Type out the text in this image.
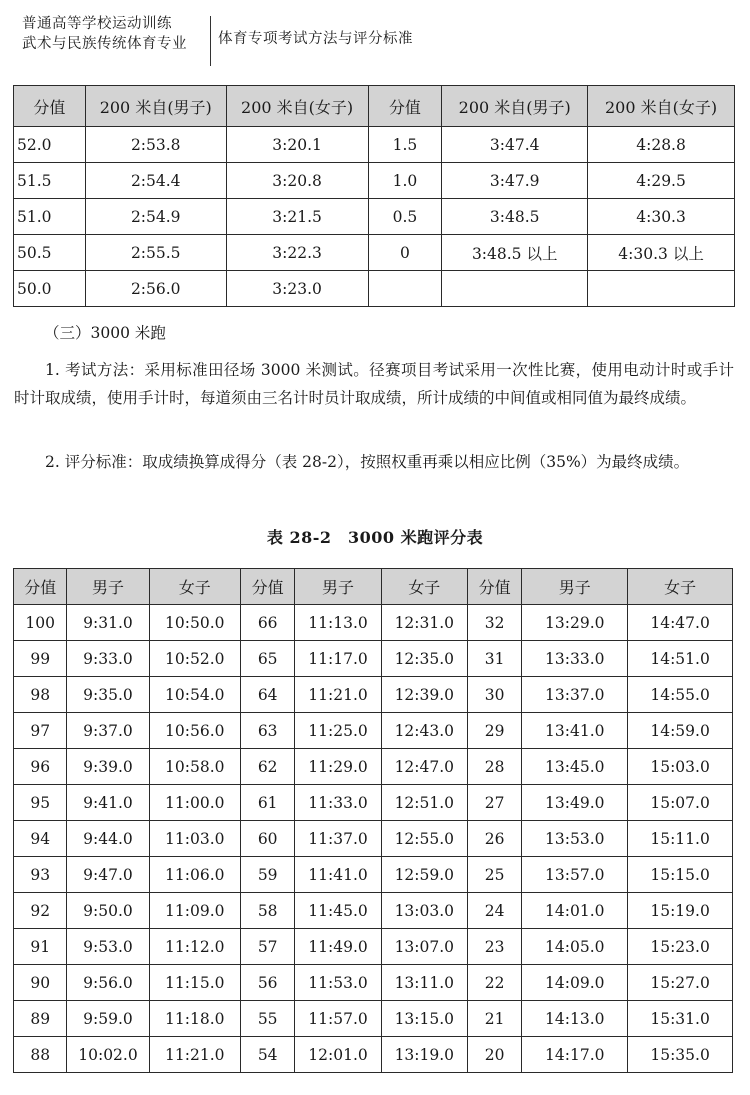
普通高等学校运动训练
武术与民族传统体育专业	体育专项考试方法与评分标准
分值	200 米自(男子)	200 米自(女子)	分值	200 米自(男子)	200 米自(女子)
52.0	2:53.8	3:20.1	1.5	3:47.4	4:28.8
51.5	2:54.4	3:20.8	1.0	3:47.9	4:29.5
51.0	2:54.9	3:21.5	0.5	3:48.5	4:30.3
50.5	2:55.5	3:22.3	0	3:48.5 以上	4:30.3 以上
50.0	2:56.0	3:23.0			
（三）3000 米跑
1. 考试方法：采用标准田径场 3000 米测试。径赛项目考试采用一次性比赛，使用电动计时或手计时计取成绩，使用手计时，每道须由三名计时员计取成绩，所计成绩的中间值或相同值为最终成绩。
2. 评分标准：取成绩换算成得分（表 28-2），按照权重再乘以相应比例（35%）为最终成绩。
表 28-2　3000 米跑评分表
分值	男子	女子	分值	男子	女子	分值	男子	女子
100	9:31.0	10:50.0	66	11:13.0	12:31.0	32	13:29.0	14:47.0
99	9:33.0	10:52.0	65	11:17.0	12:35.0	31	13:33.0	14:51.0
98	9:35.0	10:54.0	64	11:21.0	12:39.0	30	13:37.0	14:55.0
97	9:37.0	10:56.0	63	11:25.0	12:43.0	29	13:41.0	14:59.0
96	9:39.0	10:58.0	62	11:29.0	12:47.0	28	13:45.0	15:03.0
95	9:41.0	11:00.0	61	11:33.0	12:51.0	27	13:49.0	15:07.0
94	9:44.0	11:03.0	60	11:37.0	12:55.0	26	13:53.0	15:11.0
93	9:47.0	11:06.0	59	11:41.0	12:59.0	25	13:57.0	15:15.0
92	9:50.0	11:09.0	58	11:45.0	13:03.0	24	14:01.0	15:19.0
91	9:53.0	11:12.0	57	11:49.0	13:07.0	23	14:05.0	15:23.0
90	9:56.0	11:15.0	56	11:53.0	13:11.0	22	14:09.0	15:27.0
89	9:59.0	11:18.0	55	11:57.0	13:15.0	21	14:13.0	15:31.0
88	10:02.0	11:21.0	54	12:01.0	13:19.0	20	14:17.0	15:35.0
